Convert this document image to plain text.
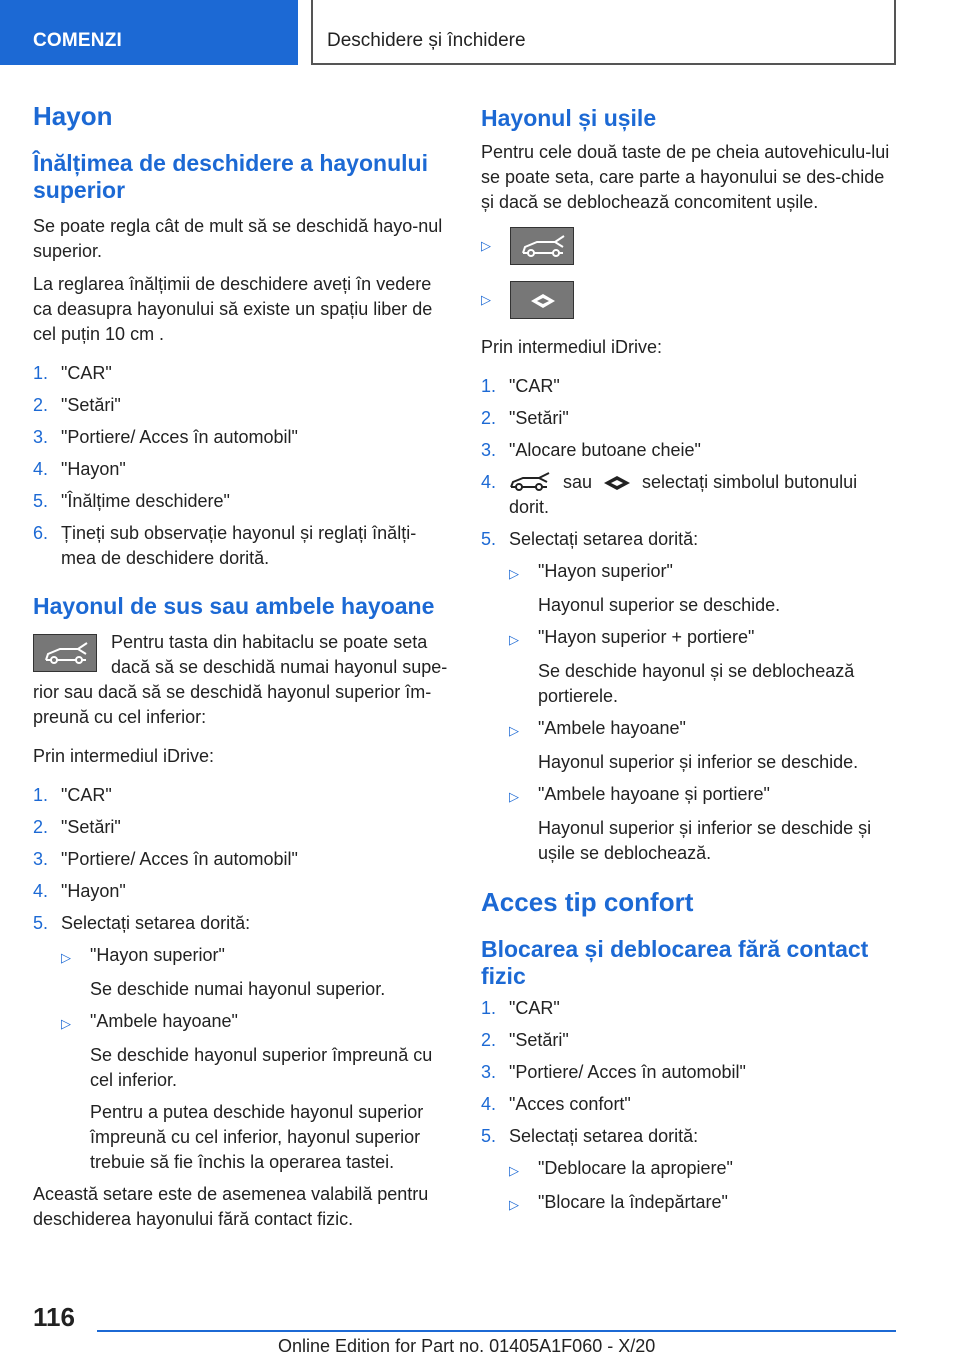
COMENZI	Deschidere și închidere
Hayon
Înălțimea de deschidere a hayonului superior

Se poate regla cât de mult să se deschidă hayo-nul superior.

La reglarea înălțimii de deschidere aveți în vedere ca deasupra hayonului să existe un spațiu liber de cel puțin 10 cm .

1. "CAR"
2. "Setări"
3. "Portiere/ Acces în automobil"
4. "Hayon"
5. "Înălțime deschidere"
6. Țineți sub observație hayonul și reglați înălți-mea de deschidere dorită.
Hayonul de sus sau ambele hayoane

Pentru tasta din habitaclu se poate seta dacă să se deschidă numai hayonul supe-rior sau dacă să se deschidă hayonul superior îm-preună cu cel inferior:

Prin intermediul iDrive:

1. "CAR"
2. "Setări"
3. "Portiere/ Acces în automobil"
4. "Hayon"
5. Selectați setarea dorită:
▷	"Hayon superior"
Se deschide numai hayonul superior.
▷	"Ambele hayoane"
Se deschide hayonul superior împreună cu cel inferior.
Pentru a putea deschide hayonul superior împreună cu cel inferior, hayonul superior trebuie să fie închis la operarea tastei.

Această setare este de asemenea valabilă pentru deschiderea hayonului fără contact fizic.

Hayonul și ușile

Pentru cele două taste de pe cheia autovehiculu-lui se poate seta, care parte a hayonului se des-chide și dacă se deblochează concomitent ușile.

▷
▷

Prin intermediul iDrive:

1. "CAR"
2. "Setări"
3. "Alocare butoane cheie"
4.	sau	selectați simbolul butonului dorit.
5. Selectați setarea dorită:
▷	"Hayon superior"
Hayonul superior se deschide.
▷	"Hayon superior + portiere"
Se deschide hayonul și se deblochează portierele.
▷	"Ambele hayoane"
Hayonul superior și inferior se deschide.
▷	"Ambele hayoane și portiere"
Hayonul superior și inferior se deschide și ușile se deblochează.
Acces tip confort
Blocarea și deblocarea fără contact fizic
1. "CAR"
2. "Setări"
3. "Portiere/ Acces în automobil"
4. "Acces confort"
5. Selectați setarea dorită:
▷	"Deblocare la apropiere"
▷	"Blocare la îndepărtare"
116
Online Edition for Part no. 01405A1F060 - X/20
